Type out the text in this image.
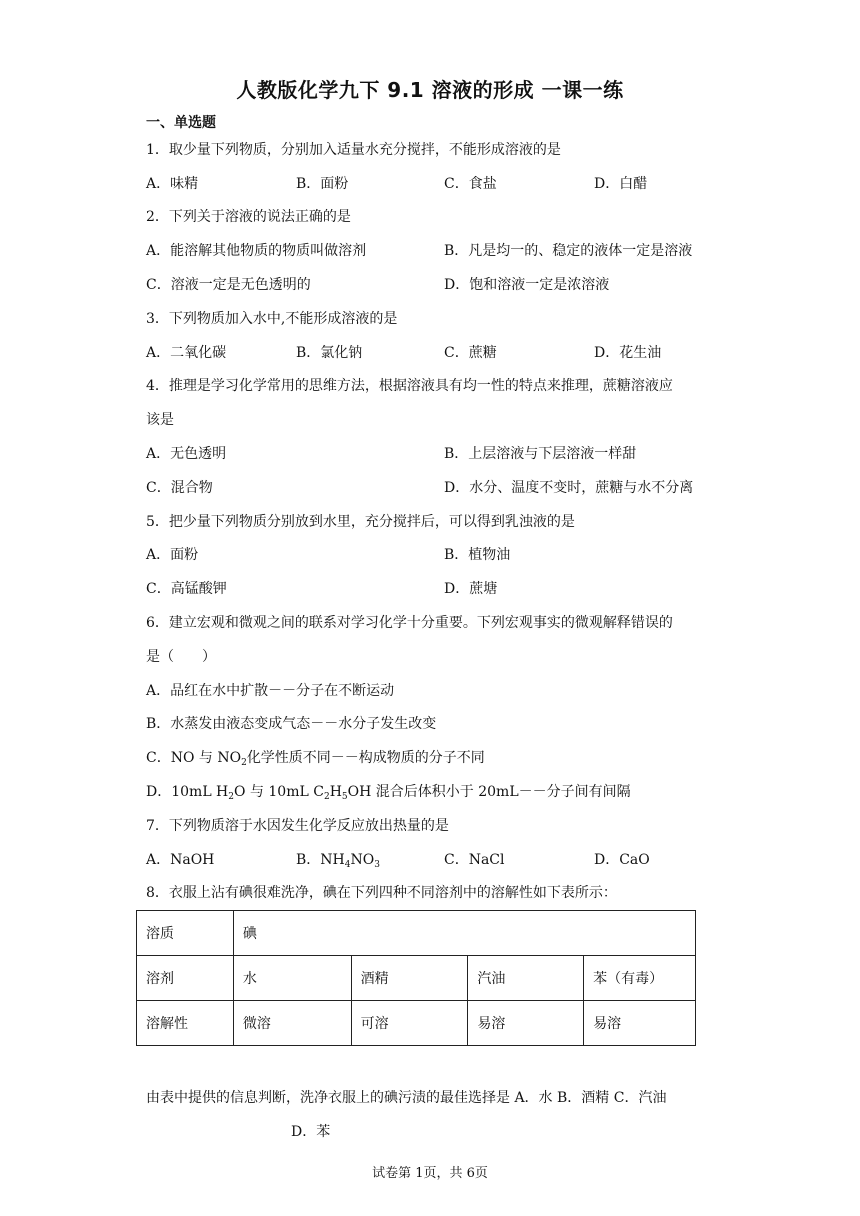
人教版化学九下 9.1 溶液的形成 一课一练
一、单选题
1．取少量下列物质，分别加入适量水充分搅拌，不能形成溶液的是
A．味精	B．面粉	C．食盐	D．白醋
2．下列关于溶液的说法正确的是
A．能溶解其他物质的物质叫做溶剂	B．凡是均一的、稳定的液体一定是溶液
C．溶液一定是无色透明的	D．饱和溶液一定是浓溶液
3．下列物质加入水中,不能形成溶液的是
A．二氧化碳	B．氯化钠	C．蔗糖	D．花生油
4．推理是学习化学常用的思维方法，根据溶液具有均一性的特点来推理，蔗糖溶液应
该是
A．无色透明	B．上层溶液与下层溶液一样甜
C．混合物	D．水分、温度不变时，蔗糖与水不分离
5．把少量下列物质分别放到水里，充分搅拌后，可以得到乳浊液的是
A．面粉	B．植物油
C．高锰酸钾	D．蔗塘
6．建立宏观和微观之间的联系对学习化学十分重要。下列宏观事实的微观解释错误的
是（　　）
A．品红在水中扩散－－分子在不断运动
B．水蒸发由液态变成气态－－水分子发生改变
C．NO 与 $NO_2$化学性质不同－－构成物质的分子不同
D．10mL $H_2O$ 与 10mL $C_2H_5OH$ 混合后体积小于 20mL－－分子间有间隔
7．下列物质溶于水因发生化学反应放出热量的是
A．NaOH	B．$NH_4NO_3$	C．NaCl	D．CaO
8．衣服上沾有碘很难洗净，碘在下列四种不同溶剂中的溶解性如下表所示：
溶质	碘			
溶剂	水	酒精	汽油	苯（有毒）
溶解性	微溶	可溶	易溶	易溶
由表中提供的信息判断，洗净衣服上的碘污渍的最佳选择是 A．水 B．酒精 C．汽油
D．苯
试卷第 1页，共 6页
